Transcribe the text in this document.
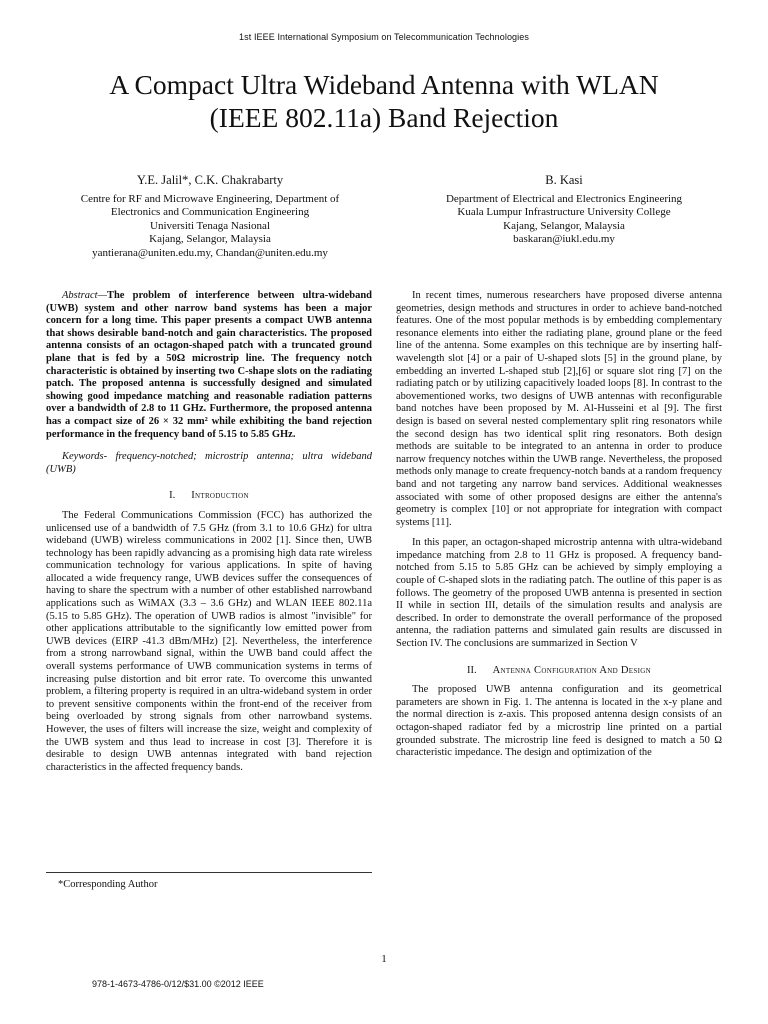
1st IEEE International Symposium on Telecommunication Technologies
A Compact Ultra Wideband Antenna with WLAN
(IEEE 802.11a) Band Rejection
Y.E. Jalil*, C.K. Chakrabarty
Centre for RF and Microwave Engineering, Department of
Electronics and Communication Engineering
Universiti Tenaga Nasional
Kajang, Selangor, Malaysia
yantierana@uniten.edu.my, Chandan@uniten.edu.my
B. Kasi
Department of Electrical and Electronics Engineering
Kuala Lumpur Infrastructure University College
Kajang, Selangor, Malaysia
baskaran@iukl.edu.my

Abstract—The problem of interference between ultra-wideband (UWB) system and other narrow band systems has been a major concern for a long time. This paper presents a compact UWB antenna that shows desirable band-notch and gain characteristics. The proposed antenna consists of an octagon-shaped patch with a truncated ground plane that is fed by a 50Ω microstrip line. The frequency notch characteristic is obtained by inserting two C-shape slots on the radiating patch. The proposed antenna is successfully designed and simulated showing good impedance matching and reasonable radiation patterns over a bandwidth of 2.8 to 11 GHz. Furthermore, the proposed antenna has a compact size of 26 × 32 mm² while exhibiting the band rejection performance in the frequency band of 5.15 to 5.85 GHz.

Keywords- frequency-notched; microstrip antenna; ultra wideband (UWB)

I. Introduction

The Federal Communications Commission (FCC) has authorized the unlicensed use of a bandwidth of 7.5 GHz (from 3.1 to 10.6 GHz) for ultra wideband (UWB) wireless communications in 2002 [1]. Since then, UWB technology has been rapidly advancing as a promising high data rate wireless communication technology for various applications. In spite of having allocated a wide frequency range, UWB devices suffer the consequences of having to share the spectrum with a number of other established narrowband applications such as WiMAX (3.3 – 3.6 GHz) and WLAN IEEE 802.11a (5.15 to 5.85 GHz). The operation of UWB radios is almost "invisible" for other applications attributable to the significantly low emitted power from UWB devices (EIRP -41.3 dBm/MHz) [2]. Nevertheless, the interference from a strong narrowband signal, within the UWB band could affect the overall systems performance of UWB communication systems in terms of increasing pulse distortion and bit error rate. To overcome this unwanted problem, a filtering property is required in an ultra-wideband system in order to prevent sensitive components within the front-end of the receiver from being overloaded by strong signals from other narrowband systems. However, the uses of filters will increase the size, weight and complexity of the UWB system and thus lead to increase in cost [3]. Therefore it is desirable to design UWB antennas integrated with band rejection characteristics in the affected frequency bands.

In recent times, numerous researchers have proposed diverse antenna geometries, design methods and structures in order to achieve band-notched features. One of the most popular methods is by embedding complementary resonance elements into either the radiating plane, ground plane or the feed line of the antenna. Some examples on this technique are by inserting half-wavelength slot [4] or a pair of U-shaped slots [5] in the ground plane, by embedding an inverted L-shaped stub [2],[6] or square slot ring [7] on the radiating patch or by utilizing capacitively loaded loops [8]. In contrast to the abovementioned works, two designs of UWB antennas with reconfigurable band notches have been proposed by M. Al-Husseini et al [9]. The first design is based on several nested complementary split ring resonators while the second design has two identical split ring resonators. Both design methods are suitable to be integrated to an antenna in order to produce narrow frequency notches within the UWB range. Nevertheless, the proposed methods only manage to create frequency-notch bands at a random frequency band and not targeting any narrow band services. Additional weaknesses associated with some of other proposed designs are either the antenna's geometry is complex [10] or not appropriate for integration with compact systems [11].

In this paper, an octagon-shaped microstrip antenna with ultra-wideband impedance matching from 2.8 to 11 GHz is proposed. A frequency band-notched from 5.15 to 5.85 GHz can be achieved by simply employing a couple of C-shaped slots in the radiating patch. The outline of this paper is as follows. The geometry of the proposed UWB antenna is presented in section II while in section III, details of the simulation results and analysis are described. In order to demonstrate the overall performance of the proposed antenna, the radiation patterns and simulated gain results are discussed in Section IV. The conclusions are summarized in Section V

II. Antenna Configuration And Design

The proposed UWB antenna configuration and its geometrical parameters are shown in Fig. 1. The antenna is located in the x-y plane and the normal direction is z-axis. This proposed antenna design consists of an octagon-shaped radiator fed by a microstrip line printed on a partial grounded substrate. The microstrip line feed is designed to match a 50 Ω characteristic impedance. The design and optimization of the

*Corresponding Author
1
978-1-4673-4786-0/12/$31.00 ©2012 IEEE
